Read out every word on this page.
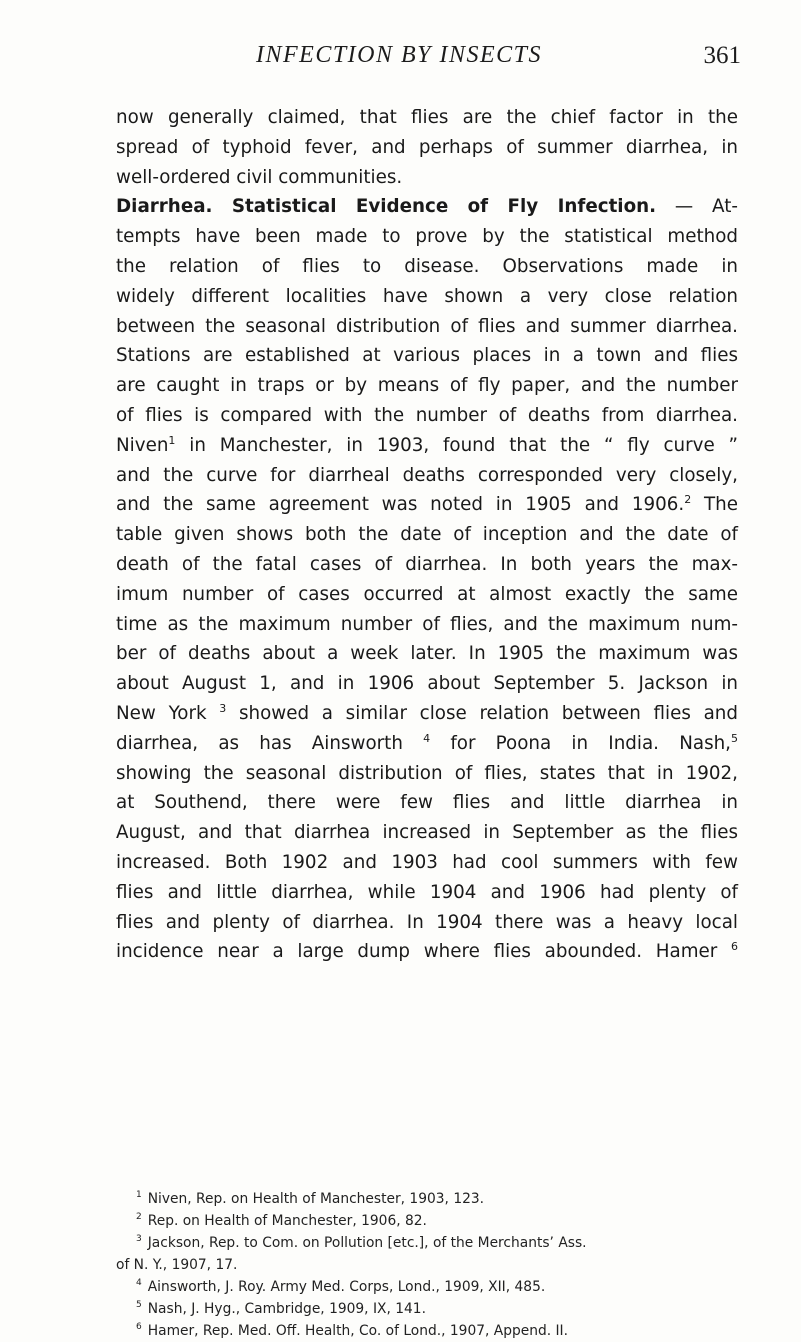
INFECTION BY INSECTS	361
now generally claimed, that flies are the chief factor in the
spread of typhoid fever, and perhaps of summer diarrhea, in
well-ordered civil communities.
Diarrhea. Statistical Evidence of Fly Infection. — At-
tempts have been made to prove by the statistical method
the relation of flies to disease. Observations made in
widely different localities have shown a very close relation
between the seasonal distribution of flies and summer diarrhea.
Stations are established at various places in a town and flies
are caught in traps or by means of fly paper, and the number
of flies is compared with the number of deaths from diarrhea.
Niven$^1$ in Manchester, in 1903, found that the “ fly curve ”
and the curve for diarrheal deaths corresponded very closely,
and the same agreement was noted in 1905 and 1906.$^2$ The
table given shows both the date of inception and the date of
death of the fatal cases of diarrhea. In both years the max-
imum number of cases occurred at almost exactly the same
time as the maximum number of flies, and the maximum num-
ber of deaths about a week later. In 1905 the maximum was
about August 1, and in 1906 about September 5. Jackson in
New York $^3$ showed a similar close relation between flies and
diarrhea, as has Ainsworth $^4$ for Poona in India. Nash,$^5$
showing the seasonal distribution of flies, states that in 1902,
at Southend, there were few flies and little diarrhea in
August, and that diarrhea increased in September as the flies
increased. Both 1902 and 1903 had cool summers with few
flies and little diarrhea, while 1904 and 1906 had plenty of
flies and plenty of diarrhea. In 1904 there was a heavy local
incidence near a large dump where flies abounded. Hamer $^6$
$^1$ Niven, Rep. on Health of Manchester, 1903, 123.
$^2$ Rep. on Health of Manchester, 1906, 82.
$^3$ Jackson, Rep. to Com. on Pollution [etc.], of the Merchants’ Ass.
of N. Y., 1907, 17.
$^4$ Ainsworth, J. Roy. Army Med. Corps, Lond., 1909, XII, 485.
$^5$ Nash, J. Hyg., Cambridge, 1909, IX, 141.
$^6$ Hamer, Rep. Med. Off. Health, Co. of Lond., 1907, Append. II.
